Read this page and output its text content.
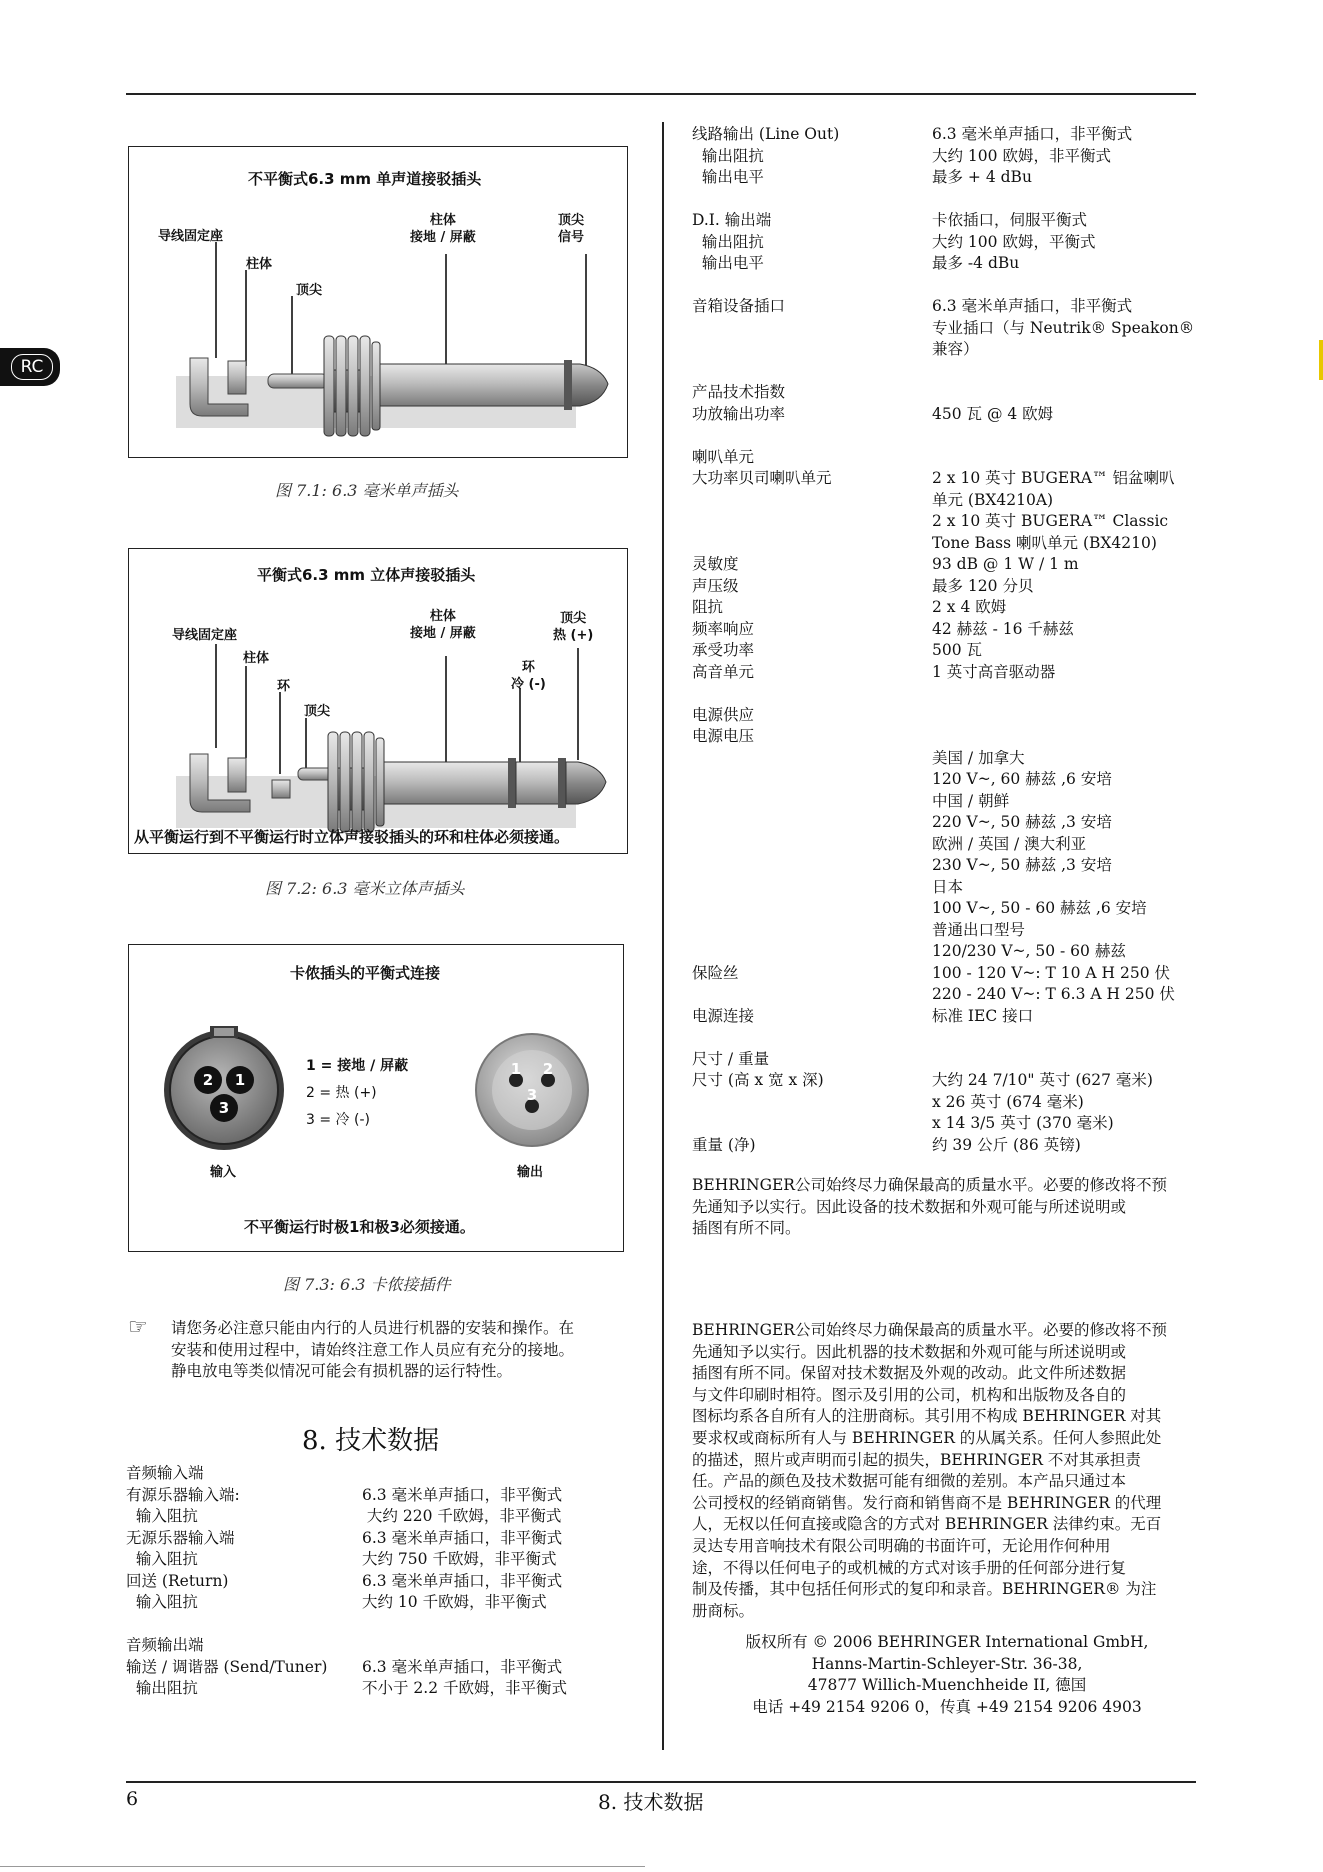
RC
不平衡式6.3 mm 单声道接驳插头
导线固定座
柱体
顶尖
柱体
接地 / 屏蔽
顶尖
信号
图 7.1: 6.3 毫米单声插头
平衡式6.3 mm 立体声接驳插头
导线固定座
柱体
环
顶尖
柱体
接地 / 屏蔽
顶尖
热 (+)
环
冷 (-)
从平衡运行到不平衡运行时立体声接驳插头的环和柱体必须接通。
图 7.2: 6.3 毫米立体声插头
卡侬插头的平衡式连接
2 1
3
1 2
3
1 = 接地 / 屏蔽
2 = 热 (+)
3 = 冷 (-)
输入	输出
不平衡运行时极1和极3必须接通。
图 7.3: 6.3 卡侬接插件
☞ 请您务必注意只能由内行的人员进行机器的安装和操作。在
安装和使用过程中，请始终注意工作人员应有充分的接地。
静电放电等类似情况可能会有损机器的运行特性。
8. 技术数据
音频输入端
有源乐器输入端:	6.3 毫米单声插口，非平衡式
输入阻抗	大约 220 千欧姆，非平衡式
无源乐器输入端	6.3 毫米单声插口，非平衡式
输入阻抗	大约 750 千欧姆，非平衡式
回送 (Return)	6.3 毫米单声插口，非平衡式
输入阻抗	大约 10 千欧姆，非平衡式
音频输出端
输送 / 调谐器 (Send/Tuner) 6.3 毫米单声插口，非平衡式
输出阻抗	不小于 2.2 千欧姆，非平衡式
线路输出 (Line Out)	6.3 毫米单声插口，非平衡式
输出阻抗	大约 100 欧姆，非平衡式
输出电平	最多 + 4 dBu
D.I. 输出端	卡依插口，伺服平衡式
输出阻抗	大约 100 欧姆，平衡式
输出电平	最多 -4 dBu
音箱设备插口	6.3 毫米单声插口，非平衡式
专业插口（与 Neutrik® Speakon®
兼容）
产品技术指数
功放输出功率	450 瓦 @ 4 欧姆
喇叭单元
大功率贝司喇叭单元	2 x 10 英寸 BUGERA™ 铝盆喇叭
单元 (BX4210A)
2 x 10 英寸 BUGERA™ Classic
Tone Bass 喇叭单元 (BX4210)
灵敏度	93 dB @ 1 W / 1 m
声压级	最多 120 分贝
阻抗	2 x 4 欧姆
频率响应	42 赫兹 - 16 千赫兹
承受功率	500 瓦
高音单元	1 英寸高音驱动器
电源供应
电源电压
美国 / 加拿大
120 V~, 60 赫兹 ,6 安培
中国 / 朝鲜
220 V~, 50 赫兹 ,3 安培
欧洲 / 英国 / 澳大利亚
230 V~, 50 赫兹 ,3 安培
日本
100 V~, 50 - 60 赫兹 ,6 安培
普通出口型号
120/230 V~, 50 - 60 赫兹
保险丝	100 - 120 V~: T 10 A H 250 伏
220 - 240 V~: T 6.3 A H 250 伏
电源连接	标准 IEC 接口
尺寸 / 重量
尺寸 (高 x 宽 x 深)	大约 24 7/10" 英寸 (627 毫米)
x 26 英寸 (674 毫米)
x 14 3/5 英寸 (370 毫米)
重量 (净)	约 39 公斤 (86 英镑)
BEHRINGER公司始终尽力确保最高的质量水平。必要的修改将不预
先通知予以实行。因此设备的技术数据和外观可能与所述说明或
插图有所不同。
BEHRINGER公司始终尽力确保最高的质量水平。必要的修改将不预
先通知予以实行。因此机器的技术数据和外观可能与所述说明或
插图有所不同。保留对技术数据及外观的改动。此文件所述数据
与文件印刷时相符。图示及引用的公司，机构和出版物及各自的
图标均系各自所有人的注册商标。其引用不构成 BEHRINGER 对其
要求权或商标所有人与 BEHRINGER 的从属关系。任何人参照此处
的描述，照片或声明而引起的损失，BEHRINGER 不对其承担责
任。产品的颜色及技术数据可能有细微的差别。本产品只通过本
公司授权的经销商销售。发行商和销售商不是 BEHRINGER 的代理
人，无权以任何直接或隐含的方式对 BEHRINGER 法律约束。无百
灵达专用音响技术有限公司明确的书面许可，无论用作何种用
途，不得以任何电子的或机械的方式对该手册的任何部分进行复
制及传播，其中包括任何形式的复印和录音。BEHRINGER® 为注
册商标。
版权所有 © 2006 BEHRINGER International GmbH,
Hanns-Martin-Schleyer-Str. 36-38,
47877 Willich-Muenchheide II, 德国
电话 +49 2154 9206 0，传真 +49 2154 9206 4903
6	8. 技术数据
